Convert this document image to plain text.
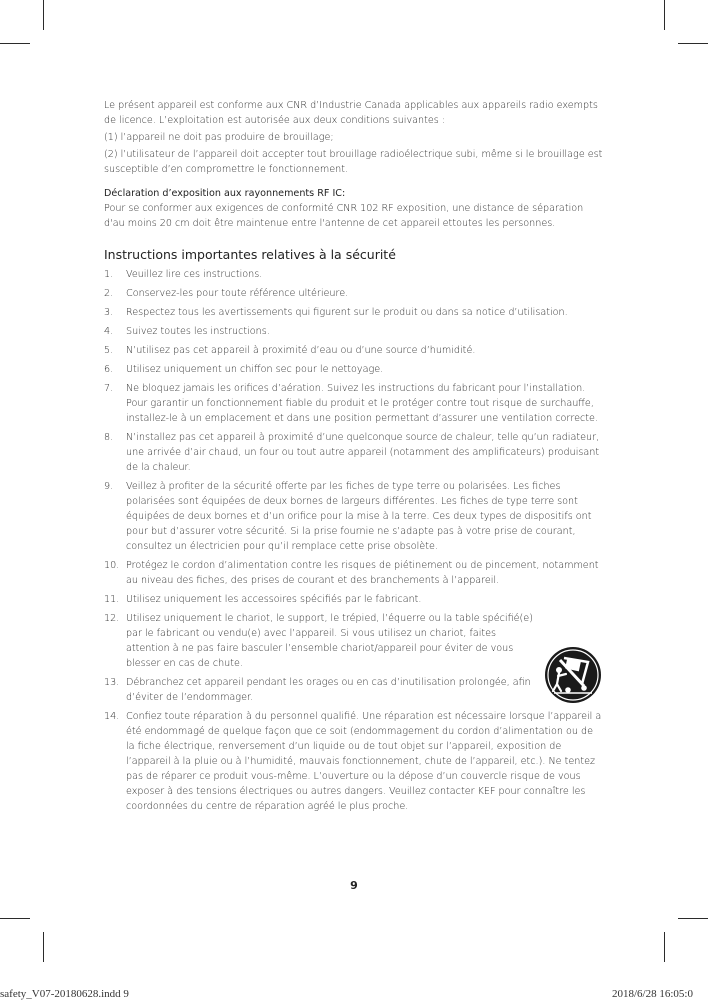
Le présent appareil est conforme aux CNR d’Industrie Canada applicables aux appareils radio exempts de licence. L’exploitation est autorisée aux deux conditions suivantes :

(1) l’appareil ne doit pas produire de brouillage;

(2) l’utilisateur de l’appareil doit accepter tout brouillage radioélectrique subi, même si le brouillage est susceptible d’en compromettre le fonctionnement.

Déclaration d’exposition aux rayonnements RF IC:

Pour se conformer aux exigences de conformité CNR 102 RF exposition, une distance de séparation d'au moins 20 cm doit être maintenue entre l'antenne de cet appareil ettoutes les personnes.

Instructions importantes relatives à la sécurité
1. Veuillez lire ces instructions.
2. Conservez-les pour toute référence ultérieure.
3. Respectez tous les avertissements qui figurent sur le produit ou dans sa notice d’utilisation.
4. Suivez toutes les instructions.
5. N’utilisez pas cet appareil à proximité d’eau ou d’une source d’humidité.
6. Utilisez uniquement un chiffon sec pour le nettoyage.
7. Ne bloquez jamais les orifices d’aération. Suivez les instructions du fabricant pour l’installation. Pour garantir un fonctionnement fiable du produit et le protéger contre tout risque de surchauffe, installez-le à un emplacement et dans une position permettant d’assurer une ventilation correcte.
8. N’installez pas cet appareil à proximité d’une quelconque source de chaleur, telle qu’un radiateur, une arrivée d’air chaud, un four ou tout autre appareil (notamment des amplificateurs) produisant de la chaleur.
9. Veillez à profiter de la sécurité offerte par les fiches de type terre ou polarisées. Les fiches polarisées sont équipées de deux bornes de largeurs différentes. Les fiches de type terre sont équipées de deux bornes et d’un orifice pour la mise à la terre. Ces deux types de dispositifs ont pour but d’assurer votre sécurité. Si la prise fournie ne s’adapte pas à votre prise de courant, consultez un électricien pour qu’il remplace cette prise obsolète.
10. Protégez le cordon d’alimentation contre les risques de piétinement ou de pincement, notamment au niveau des fiches, des prises de courant et des branchements à l’appareil.
11. Utilisez uniquement les accessoires spécifiés par le fabricant.
12. Utilisez uniquement le chariot, le support, le trépied, l’équerre ou la table spécifié(e) par le fabricant ou vendu(e) avec l’appareil. Si vous utilisez un chariot, faites attention à ne pas faire basculer l’ensemble chariot/appareil pour éviter de vous blesser en cas de chute.
13. Débranchez cet appareil pendant les orages ou en cas d’inutilisation prolongée, afin d’éviter de l’endommager.
14. Confiez toute réparation à du personnel qualifié. Une réparation est nécessaire lorsque l’appareil a été endommagé de quelque façon que ce soit (endommagement du cordon d’alimentation ou de la fiche électrique, renversement d’un liquide ou de tout objet sur l’appareil, exposition de l’appareil à la pluie ou à l’humidité, mauvais fonctionnement, chute de l’appareil, etc.). Ne tentez pas de réparer ce produit vous-même. L’ouverture ou la dépose d’un couvercle risque de vous exposer à des tensions électriques ou autres dangers. Veuillez contacter KEF pour connaître les coordonnées du centre de réparation agréé le plus proche.
9
safety_V07-20180628.indd 9	2018/6/28 16:05:0
